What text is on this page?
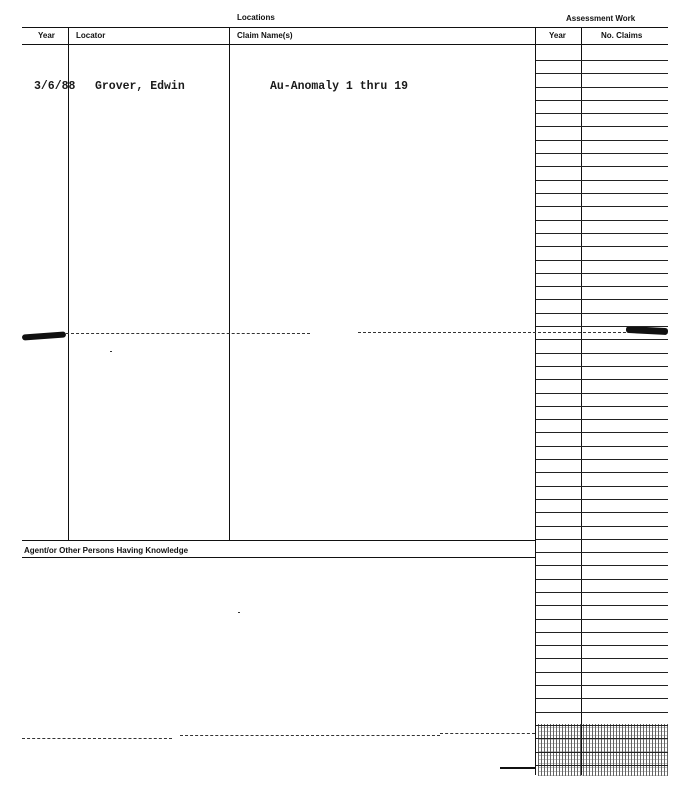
Locations	Assessment Work
Year	Locator	Claim Name(s)	Year	No. Claims
3/6/88 Grover, Edwin	Au-Anomaly 1 thru 19
Agent/or Other Persons Having Knowledge
